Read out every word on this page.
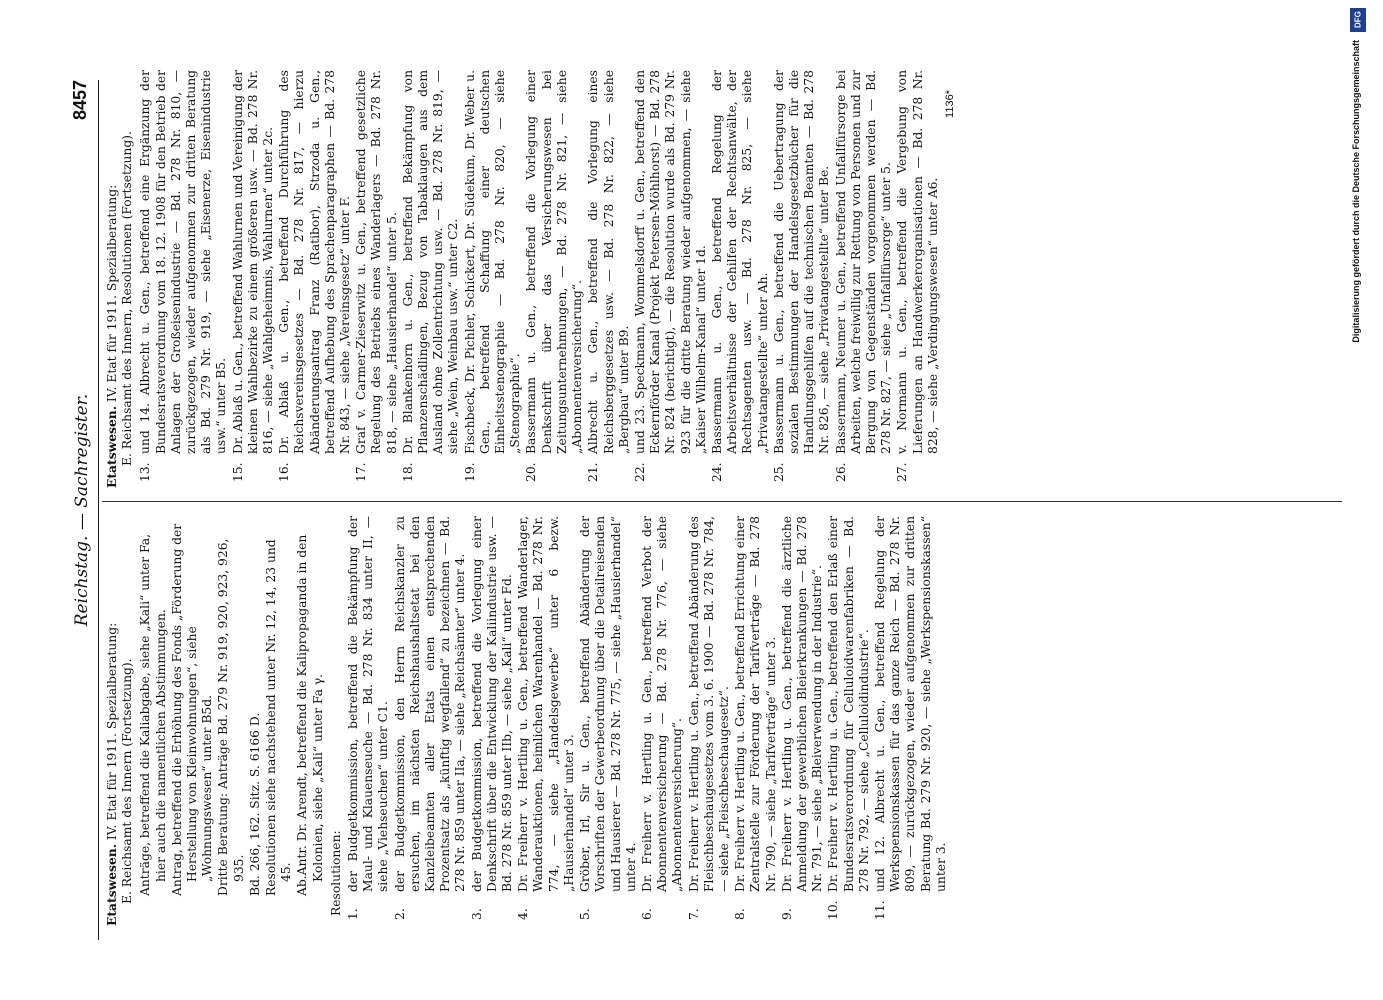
Reichstag. — Sachregister.
8457
Etatswesen. IV. Etat für 1911. Spezialberatung: E. Reichsamt des Innern (Fortsetzung). Anträge, betreffend die Kaliabgabe, siehe „Kali“ unter Fa, hier auch die namentlichen Abstimmungen. Antrag, betreffend die Erhöhung des Fonds „Förderung der Herstellung von Kleinwohnungen“, siehe „Wohnungswesen“ unter B5d. Dritte Beratung: Anträge Bd. 279 Nr. 919, 920, 923, 926, 935. Bd. 266, 162. Sitz. S. 6166 D. Resolutionen siehe nachstehend unter Nr. 12, 14, 23 und 45. Ab.Antr. Dr. Arendt, betreffend die Kalipropaganda in den Kolonien, siehe „Kali“ unter Fa γ. Resolutionen: 1.
der Budgetkommission, betreffend die Bekämpfung der Maul- und Klauenseuche — Bd. 278 Nr. 834 unter II, — siehe „Viehseuchen“ unter C1.
2.
der Budgetkommission, den Herrn Reichskanzler zu ersuchen, im nächsten Reichshaushaltsetat bei den Kanzleibeamten aller Etats einen entsprechenden Prozentsatz als „künftig wegfallend“ zu bezeichnen — Bd. 278 Nr. 859 unter IIa, — siehe „Reichsämter“ unter 4.
3.
der Budgetkommission, betreffend die Vorlegung einer Denkschrift über die Entwicklung der Kaliindustrie usw. — Bd. 278 Nr. 859 unter IIb, — siehe „Kali“ unter Fd.
4.
Dr. Freiherr v. Hertling u. Gen., betreffend Wanderlager, Wanderauktionen, heimlichen Warenhandel — Bd. 278 Nr. 774, — siehe „Handelsgewerbe“ unter 6 bezw. „Hausierhandel“ unter 3.
5.
Gröber, Irl, Sir u. Gen., betreffend Abänderung der Vorschriften der Gewerbeordnung über die Detailreisenden und Hausierer — Bd. 278 Nr. 775, — siehe „Hausierhandel“ unter 4.
6.
Dr. Freiherr v. Hertling u. Gen., betreffend Verbot der Abonnentenversicherung — Bd. 278 Nr. 776, — siehe „Abonnentenversicherung“.
7.
Dr. Freiherr v. Hertling u. Gen., betreffend Abänderung des Fleischbeschaugesetzes vom 3. 6. 1900 — Bd. 278 Nr. 784, — siehe „Fleischbeschaugesetz“.
8.
Dr. Freiherr v. Hertling u. Gen., betreffend Errichtung einer Zentralstelle zur Förderung der Tarifverträge — Bd. 278 Nr. 790, — siehe „Tarifverträge“ unter 3.
9.
Dr. Freiherr v. Hertling u. Gen., betreffend die ärztliche Anmeldung der gewerblichen Bleierkrankungen — Bd. 278 Nr. 791, — siehe „Bleiverwendung in der Industrie“.
10.
Dr. Freiherr v. Hertling u. Gen., betreffend den Erlaß einer Bundesratsverordnung für Celluloidwarenfabriken — Bd. 278 Nr. 792, — siehe „Celluloidindustrie“.
11.
und 12. Albrecht u. Gen., betreffend Regelung der Werkspensionskassen für das ganze Reich — Bd. 278 Nr. 809, — zurückgezogen, wieder aufgenommen zur dritten Beratung Bd. 279 Nr. 920, — siehe „Werkspensionskassen“ unter 3.
Etatswesen. IV. Etat für 1911. Spezialberatung: E. Reichsamt des Innern, Resolutionen (Fortsetzung).
13.
und 14. Albrecht u. Gen., betreffend eine Ergänzung der Bundesratsverordnung vom 18. 12. 1908 für den Betrieb der Anlagen der Großeisenindustrie — Bd. 278 Nr. 810, — zurückgezogen, wieder aufgenommen zur dritten Beratung als Bd. 279 Nr. 919, — siehe „Eisenerze, Eisenindustrie usw.“ unter B5.
15.
Dr. Ablaß u. Gen., betreffend Wahlurnen und Vereinigung der kleinen Wahlbezirke zu einem größeren usw. — Bd. 278 Nr. 816, — siehe „Wahlgeheimnis, Wahlurnen“ unter 2c.
16.
Dr. Ablaß u. Gen., betreffend Durchführung des Reichsvereinsgesetzes — Bd. 278 Nr. 817, — hierzu Abänderungsantrag Franz (Ratibor), Strzoda u. Gen., betreffend Aufhebung des Sprachenparagraphen — Bd. 278 Nr. 843, — siehe „Vereinsgesetz“ unter F.
17.
Graf v. Carmer-Zieserwitz u. Gen., betreffend gesetzliche Regelung des Betriebs eines Wanderlagers — Bd. 278 Nr. 818, — siehe „Hausierhandel“ unter 5.
18.
Dr. Blankenhorn u. Gen., betreffend Bekämpfung von Pflanzenschädlingen, Bezug von Tabaklaugen aus dem Ausland ohne Zollentrichtung usw. — Bd. 278 Nr. 819, — siehe „Wein, Weinbau usw.“ unter C2.
19.
Fischbeck, Dr. Pichler, Schickert, Dr. Südekum, Dr. Weber u. Gen., betreffend Schaffung einer deutschen Einheitsstenographie — Bd. 278 Nr. 820, — siehe „Stenographie“.
20.
Bassermann u. Gen., betreffend die Vorlegung einer Denkschrift über das Versicherungswesen bei Zeitungsunternehmungen, — Bd. 278 Nr. 821, — siehe „Abonnentenversicherung“.
21.
Albrecht u. Gen., betreffend die Vorlegung eines Reichsberggesetzes usw. — Bd. 278 Nr. 822, — siehe „Bergbau“ unter B9.
22.
und 23. Speckmann, Wommelsdorff u. Gen., betreffend den Eckernförder Kanal (Projekt Petersen-Möhlhorst) — Bd. 278 Nr. 824 (berichtigt), — die Resolution wurde als Bd. 279 Nr. 923 für die dritte Beratung wieder aufgenommen, — siehe „Kaiser Wilhelm-Kanal“ unter 1d.
24.
Bassermann u. Gen., betreffend Regelung der Arbeitsverhältnisse der Gehilfen der Rechtsanwälte, der Rechtsagenten usw. — Bd. 278 Nr. 825, — siehe „Privatangestellte“ unter Ah.
25.
Bassermann u. Gen., betreffend die Uebertragung der sozialen Bestimmungen der Handelsgesetzbücher für die Handlungsgehilfen auf die technischen Beamten — Bd. 278 Nr. 826, — siehe „Privatangestellte“ unter Be.
26.
Bassermann, Neumer u. Gen., betreffend Unfallfürsorge bei Arbeiten, welche freiwillig zur Rettung von Personen und zur Bergung von Gegenständen vorgenommen werden — Bd. 278 Nr. 827, — siehe „Unfallfürsorge“ unter 5.
27.
v. Normann u. Gen., betreffend die Vergebung von Lieferungen an Handwerkerorganisationen — Bd. 278 Nr. 828, — siehe „Verdingungswesen“ unter A6.
1136*
DFG
Digitalisierung gefördert durch die Deutsche Forschungsgemeinschaft
